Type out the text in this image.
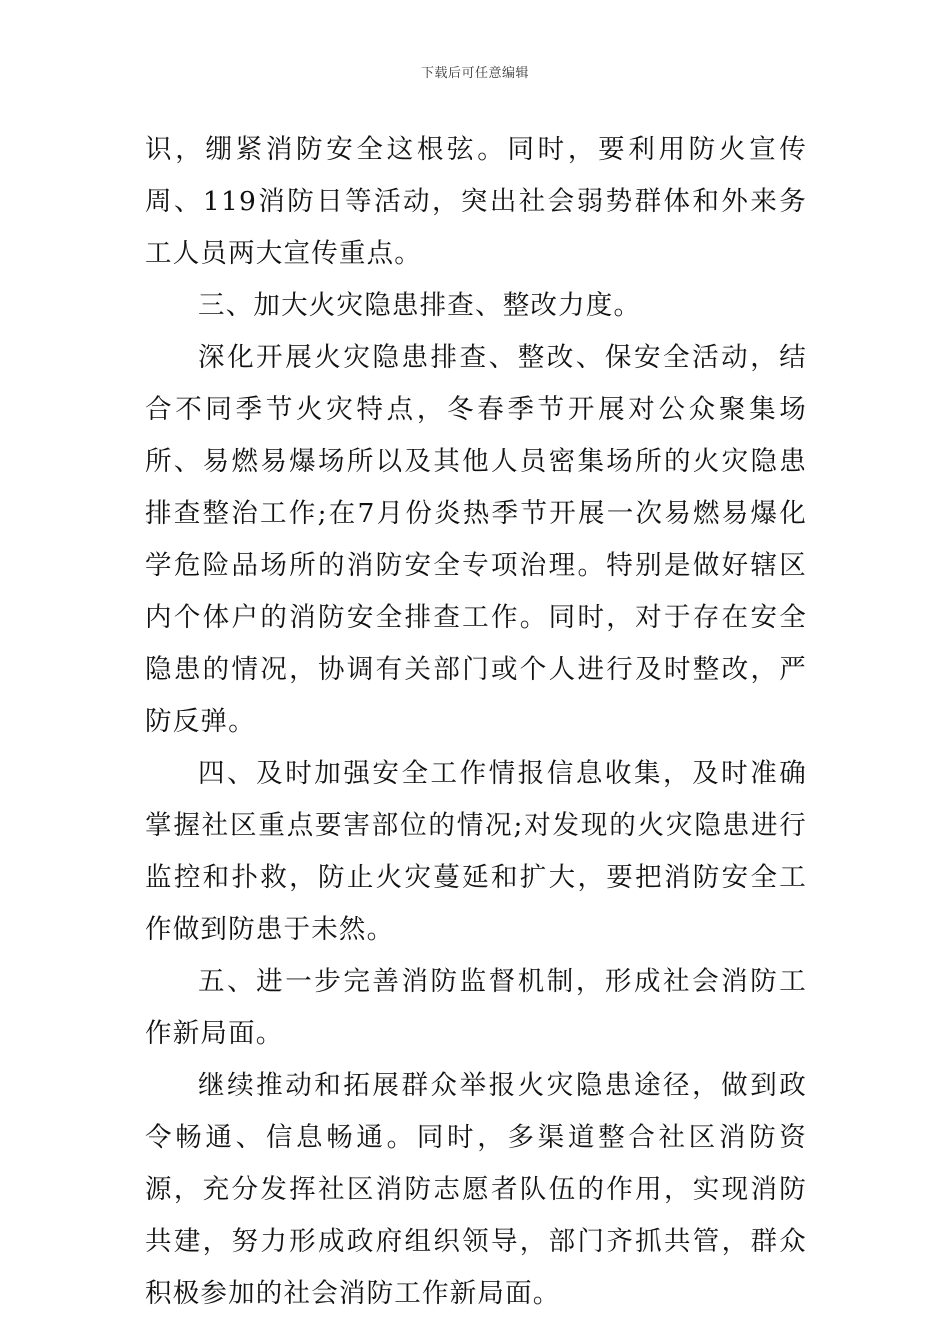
下载后可任意编辑

识，绷紧消防安全这根弦。同时，要利用防火宣传周、119消防日等活动，突出社会弱势群体和外来务工人员两大宣传重点。

三、加大火灾隐患排查、整改力度。

深化开展火灾隐患排查、整改、保安全活动，结合不同季节火灾特点，冬春季节开展对公众聚集场所、易燃易爆场所以及其他人员密集场所的火灾隐患排查整治工作;在7月份炎热季节开展一次易燃易爆化学危险品场所的消防安全专项治理。特别是做好辖区内个体户的消防安全排查工作。同时，对于存在安全隐患的情况，协调有关部门或个人进行及时整改，严防反弹。

四、及时加强安全工作情报信息收集，及时准确掌握社区重点要害部位的情况;对发现的火灾隐患进行监控和扑救，防止火灾蔓延和扩大，要把消防安全工作做到防患于未然。

五、进一步完善消防监督机制，形成社会消防工作新局面。

继续推动和拓展群众举报火灾隐患途径，做到政令畅通、信息畅通。同时，多渠道整合社区消防资源，充分发挥社区消防志愿者队伍的作用，实现消防共建，努力形成政府组织领导，部门齐抓共管，群众积极参加的社会消防工作新局面。
